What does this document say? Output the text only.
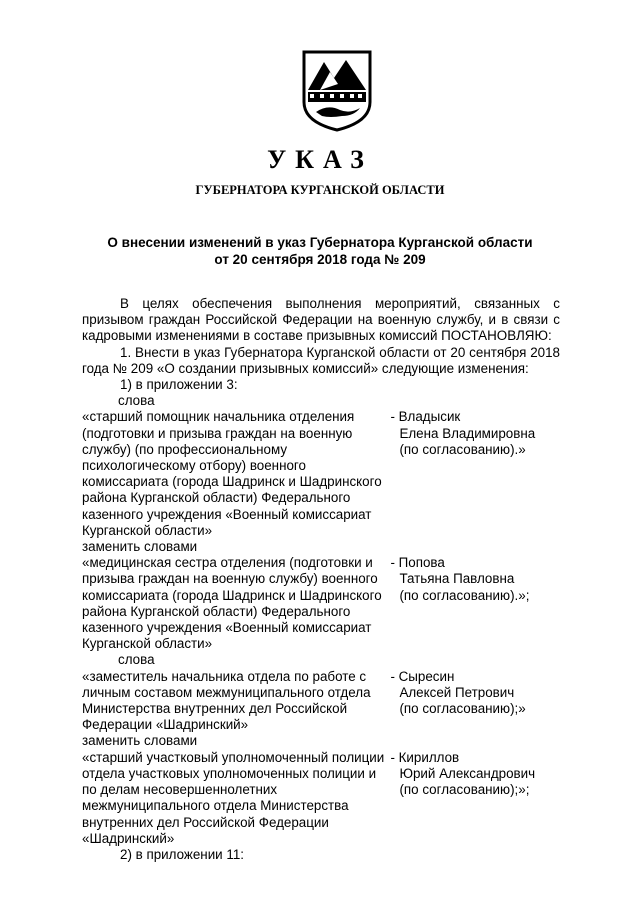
УКАЗ
ГУБЕРНАТОРА КУРГАНСКОЙ ОБЛАСТИ
О внесении изменений в указ Губернатора Курганской области
от 20 сентября 2018 года № 209

В целях обеспечения выполнения мероприятий, связанных с призывом граждан Российской Федерации на военную службу, и в связи с кадровыми изменениями в составе призывных комиссий ПОСТАНОВЛЯЮ:

1. Внести в указ Губернатора Курганской области от 20 сентября 2018 года № 209 «О создании призывных комиссий» следующие изменения:

1) в приложении 3:

слова

«старший помощник начальника отделения (подготовки и призыва граждан на военную службу) (по профессиональному психологическому отбору) военного комиссариата (города Шадринск и Шадринского района Курганской области) Федерального казенного учреждения «Военный комиссариат Курганской области»
- Владысик
Елена Владимировна
(по согласованию).»

заменить словами

«медицинская сестра отделения (подготовки и призыва граждан на военную службу) военного комиссариата (города Шадринск и Шадринского района Курганской области) Федерального казенного учреждения «Военный комиссариат Курганской области»
- Попова
Татьяна Павловна
(по согласованию).»;

слова

«заместитель начальника отдела по работе с личным составом межмуниципального отдела Министерства внутренних дел Российской Федерации «Шадринский»
- Сыресин
Алексей Петрович
(по согласованию);»

заменить словами

«старший участковый уполномоченный полиции отдела участковых уполномоченных полиции и по делам несовершеннолетних межмуниципального отдела Министерства внутренних дел Российской Федерации «Шадринский»
- Кириллов
Юрий Александрович
(по согласованию);»;

2) в приложении 11:
